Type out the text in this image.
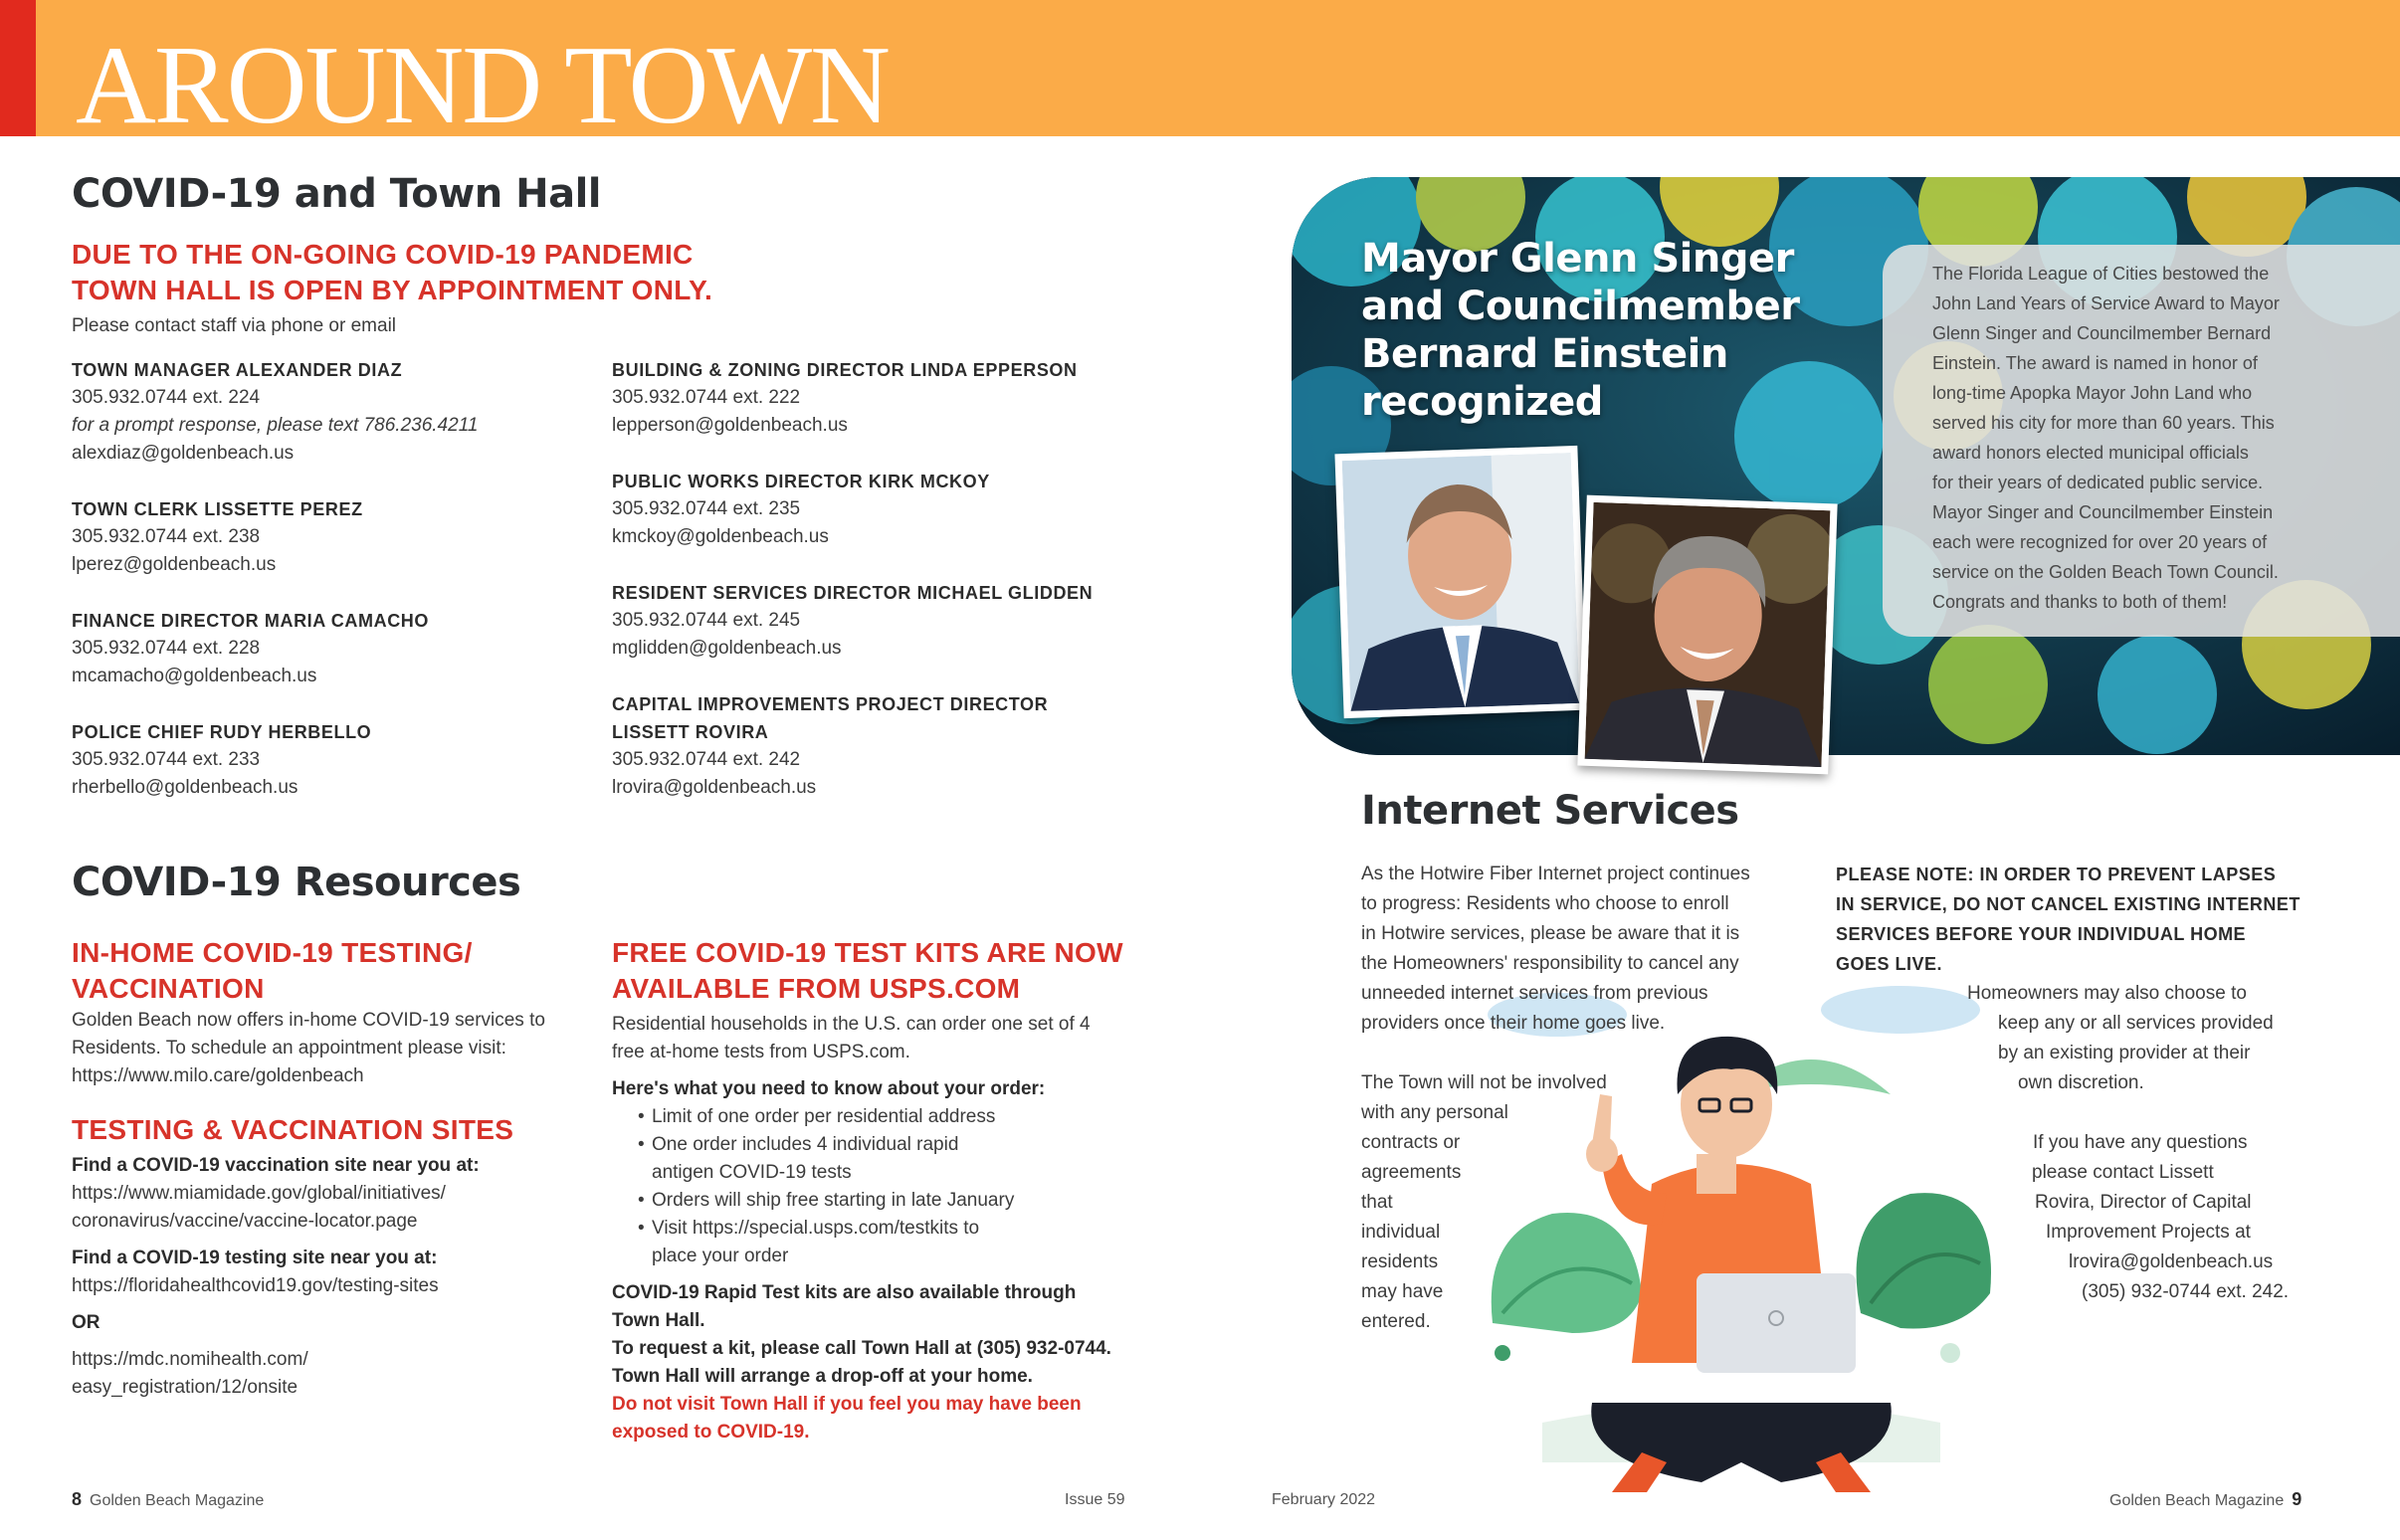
AROUND TOWN
COVID-19 and Town Hall
DUE TO THE ON-GOING COVID-19 PANDEMIC
TOWN HALL IS OPEN BY APPOINTMENT ONLY.
Please contact staff via phone or email
TOWN MANAGER ALEXANDER DIAZ
305.932.0744 ext. 224
for a prompt response, please text 786.236.4211
alexdiaz@goldenbeach.us
TOWN CLERK LISSETTE PEREZ
305.932.0744 ext. 238
lperez@goldenbeach.us
FINANCE DIRECTOR MARIA CAMACHO
305.932.0744 ext. 228
mcamacho@goldenbeach.us
POLICE CHIEF RUDY HERBELLO
305.932.0744 ext. 233
rherbello@goldenbeach.us
BUILDING & ZONING DIRECTOR LINDA EPPERSON
305.932.0744 ext. 222
lepperson@goldenbeach.us
PUBLIC WORKS DIRECTOR KIRK MCKOY
305.932.0744 ext. 235
kmckoy@goldenbeach.us
RESIDENT SERVICES DIRECTOR MICHAEL GLIDDEN
305.932.0744 ext. 245
mglidden@goldenbeach.us
CAPITAL IMPROVEMENTS PROJECT DIRECTOR
LISSETT ROVIRA
305.932.0744 ext. 242
lrovira@goldenbeach.us
COVID-19 Resources
IN-HOME COVID-19 TESTING/
VACCINATION
Golden Beach now offers in-home COVID-19 services to
Residents. To schedule an appointment please visit:
https://www.milo.care/goldenbeach
TESTING & VACCINATION SITES
Find a COVID-19 vaccination site near you at:
https://www.miamidade.gov/global/initiatives/
coronavirus/vaccine/vaccine-locator.page
Find a COVID-19 testing site near you at:
https://floridahealthcovid19.gov/testing-sites
OR
https://mdc.nomihealth.com/
easy_registration/12/onsite
FREE COVID-19 TEST KITS ARE NOW
AVAILABLE FROM USPS.COM
Residential households in the U.S. can order one set of 4
free at-home tests from USPS.com.
Here's what you need to know about your order:
• Limit of one order per residential address
• One order includes 4 individual rapid
antigen COVID-19 tests
• Orders will ship free starting in late January
• Visit https://special.usps.com/testkits to
place your order
COVID-19 Rapid Test kits are also available through
Town Hall.
To request a kit, please call Town Hall at (305) 932-0744.
Town Hall will arrange a drop-off at your home.
Do not visit Town Hall if you feel you may have been
exposed to COVID-19.
Mayor Glenn Singer
and Councilmember
Bernard Einstein
recognized
The Florida League of Cities bestowed the
John Land Years of Service Award to Mayor
Glenn Singer and Councilmember Bernard
Einstein. The award is named in honor of
long-time Apopka Mayor John Land who
served his city for more than 60 years. This
award honors elected municipal officials
for their years of dedicated public service.
Mayor Singer and Councilmember Einstein
each were recognized for over 20 years of
service on the Golden Beach Town Council.
Congrats and thanks to both of them!
Internet Services
As the Hotwire Fiber Internet project continues
to progress: Residents who choose to enroll
in Hotwire services, please be aware that it is
the Homeowners' responsibility to cancel any
unneeded internet services from previous
providers once their home goes live.
The Town will not be involved
with any personal
contracts or
agreements
that
individual
residents
may have
entered.
PLEASE NOTE: IN ORDER TO PREVENT LAPSES
IN SERVICE, DO NOT CANCEL EXISTING INTERNET
SERVICES BEFORE YOUR INDIVIDUAL HOME
GOES LIVE.
Homeowners may also choose to
keep any or all services provided
by an existing provider at their
own discretion.
If you have any questions
please contact Lissett
Rovira, Director of Capital
Improvement Projects at
lrovira@goldenbeach.us
(305) 932-0744 ext. 242.
8 Golden Beach Magazine	Issue 59	February 2022	Golden Beach Magazine 9
